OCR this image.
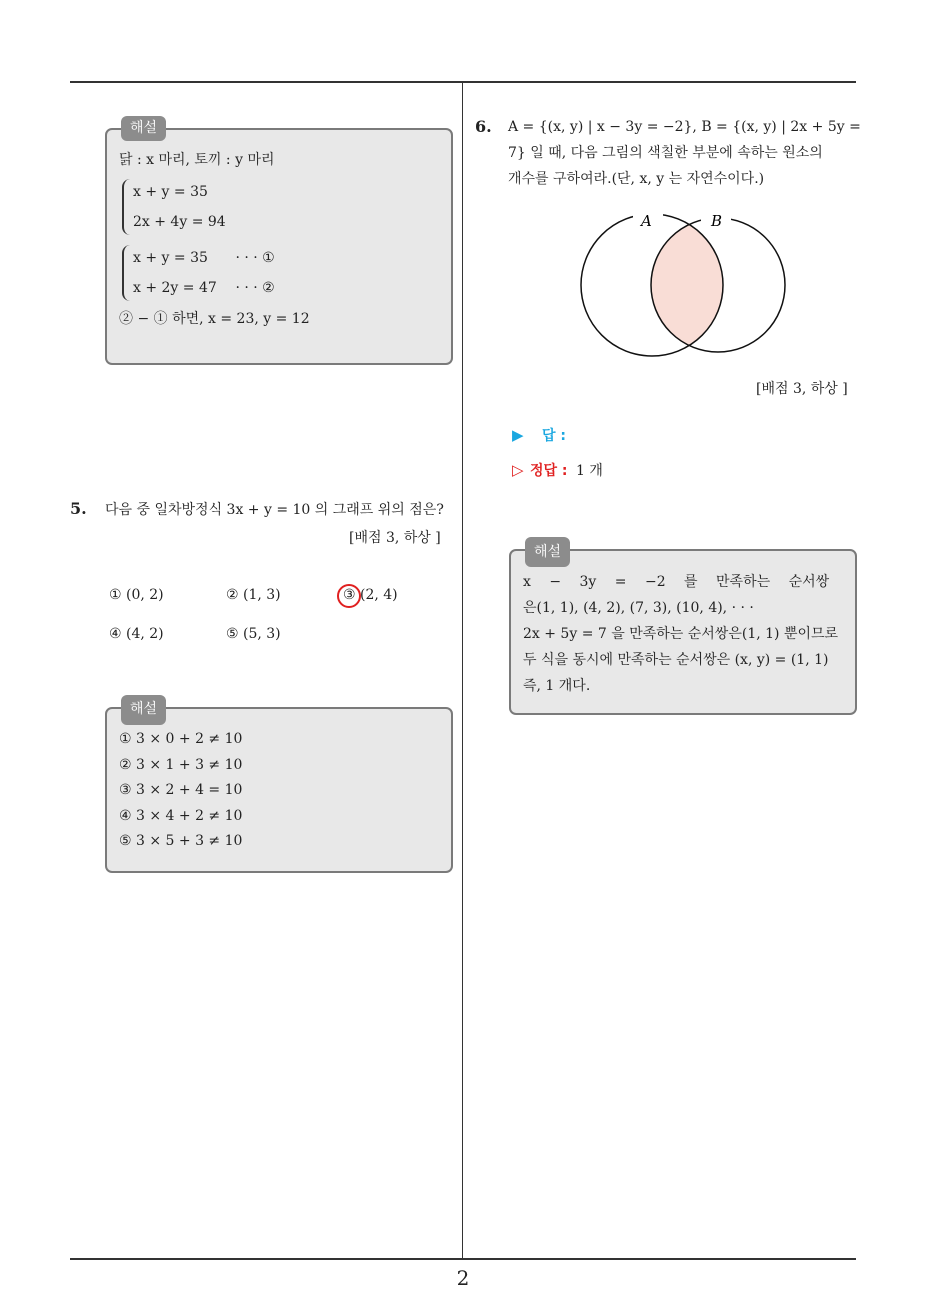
2
해설
닭 : x 마리, 토끼 : y 마리
x + y = 35
2x + 4y = 94
x + y = 35 · · · ①
x + 2y = 47 · · · ②
② − ① 하면, x = 23, y = 12
5. 다음 중 일차방정식 3x + y = 10 의 그래프 위의 점은?
[배점 3, 하상 ]
① (0, 2)	② (1, 3)	③ (2, 4)
④ (4, 2)	⑤ (5, 3)
해설
① 3 × 0 + 2 ≠ 10
② 3 × 1 + 3 ≠ 10
③ 3 × 2 + 4 = 10
④ 3 × 4 + 2 ≠ 10
⑤ 3 × 5 + 3 ≠ 10
6. A = {(x, y) | x − 3y = −2}, B = {(x, y) | 2x + 5y =
7} 일 때, 다음 그림의 색칠한 부분에 속하는 원소의
개수를 구하여라.(단, x, y 는 자연수이다.)
A	B
[배점 3, 하상 ]
▶ 답 :
▷ 정답 : 1 개
해설
x − 3y = −2 를 만족하는 순서쌍
은(1, 1), (4, 2), (7, 3), (10, 4), · · ·
2x + 5y = 7 을 만족하는 순서쌍은(1, 1) 뿐이므로
두 식을 동시에 만족하는 순서쌍은 (x, y) = (1, 1)
즉, 1 개다.
